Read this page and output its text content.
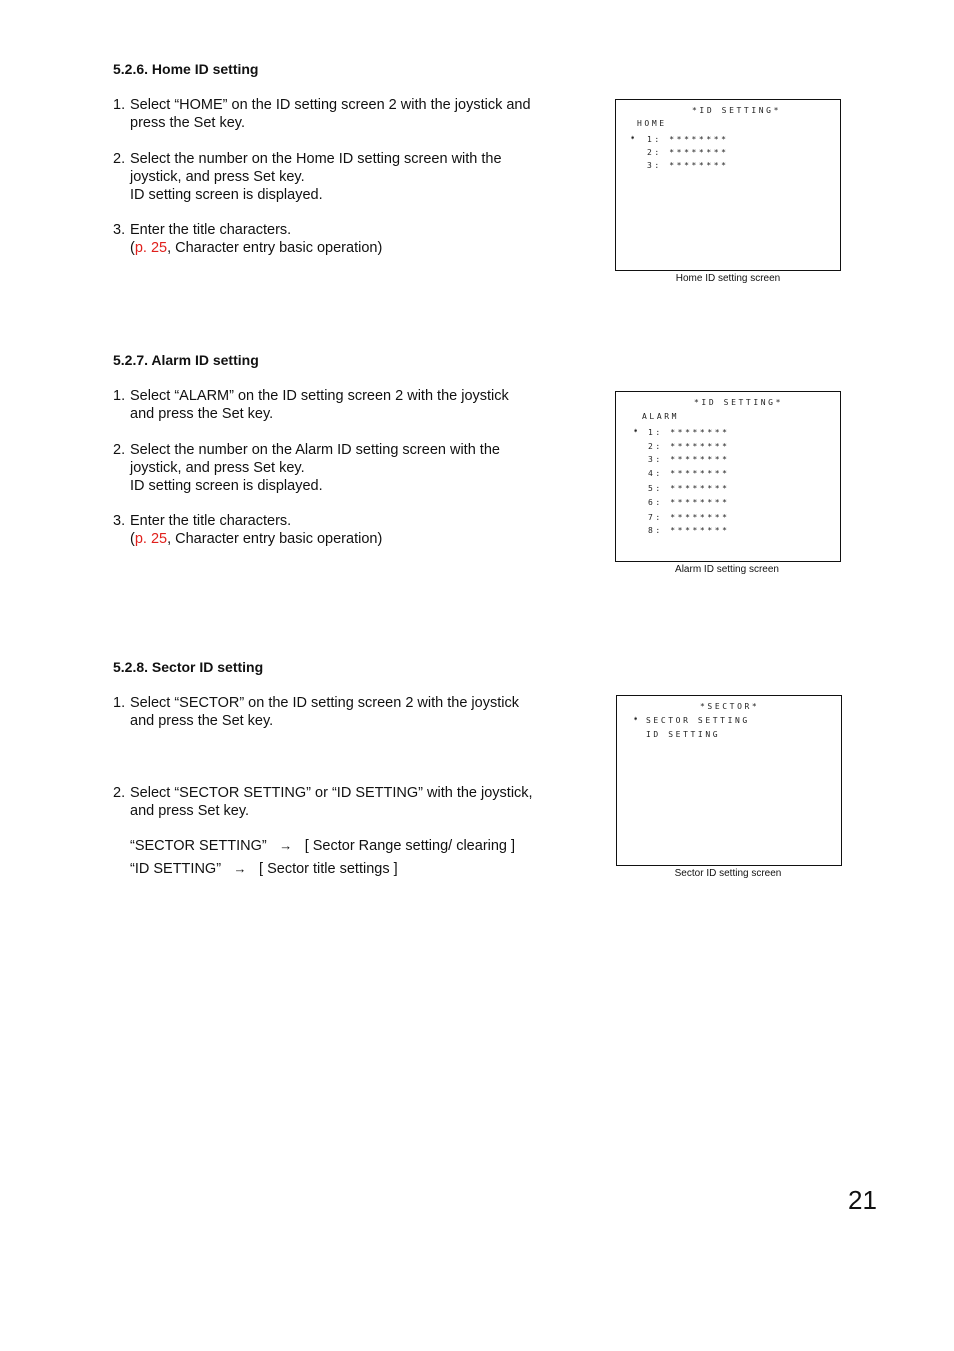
5.2.6. Home ID setting
1. Select “HOME” on the ID setting screen 2 with the joystick and
press the Set key.
2. Select the number on the Home ID setting screen with the
joystick, and press Set key.
ID setting screen is displayed.
3. Enter the title characters.
(p. 25, Character entry basic operation)
*ID SETTING*
HOME
➧ 1: ********
2: ********
3: ********
Home ID setting screen
5.2.7. Alarm ID setting
1. Select “ALARM” on the ID setting screen 2 with the joystick
and press the Set key.
2. Select the number on the Alarm ID setting screen with the
joystick, and press Set key.
ID setting screen is displayed.
3. Enter the title characters.
(p. 25, Character entry basic operation)
*ID SETTING*
ALARM
➧ 1: ********
2: ********
3: ********
4: ********
5: ********
6: ********
7: ********
8: ********
Alarm ID setting screen
5.2.8. Sector ID setting
1. Select “SECTOR” on the ID setting screen 2 with the joystick
and press the Set key.
2. Select “SECTOR SETTING” or “ID SETTING” with the joystick,
and press Set key.
“SECTOR SETTING” → [ Sector Range setting/ clearing ]
“ID SETTING” → [ Sector title settings ]
*SECTOR*
➧ SECTOR SETTING
ID SETTING
Sector ID setting screen
21
